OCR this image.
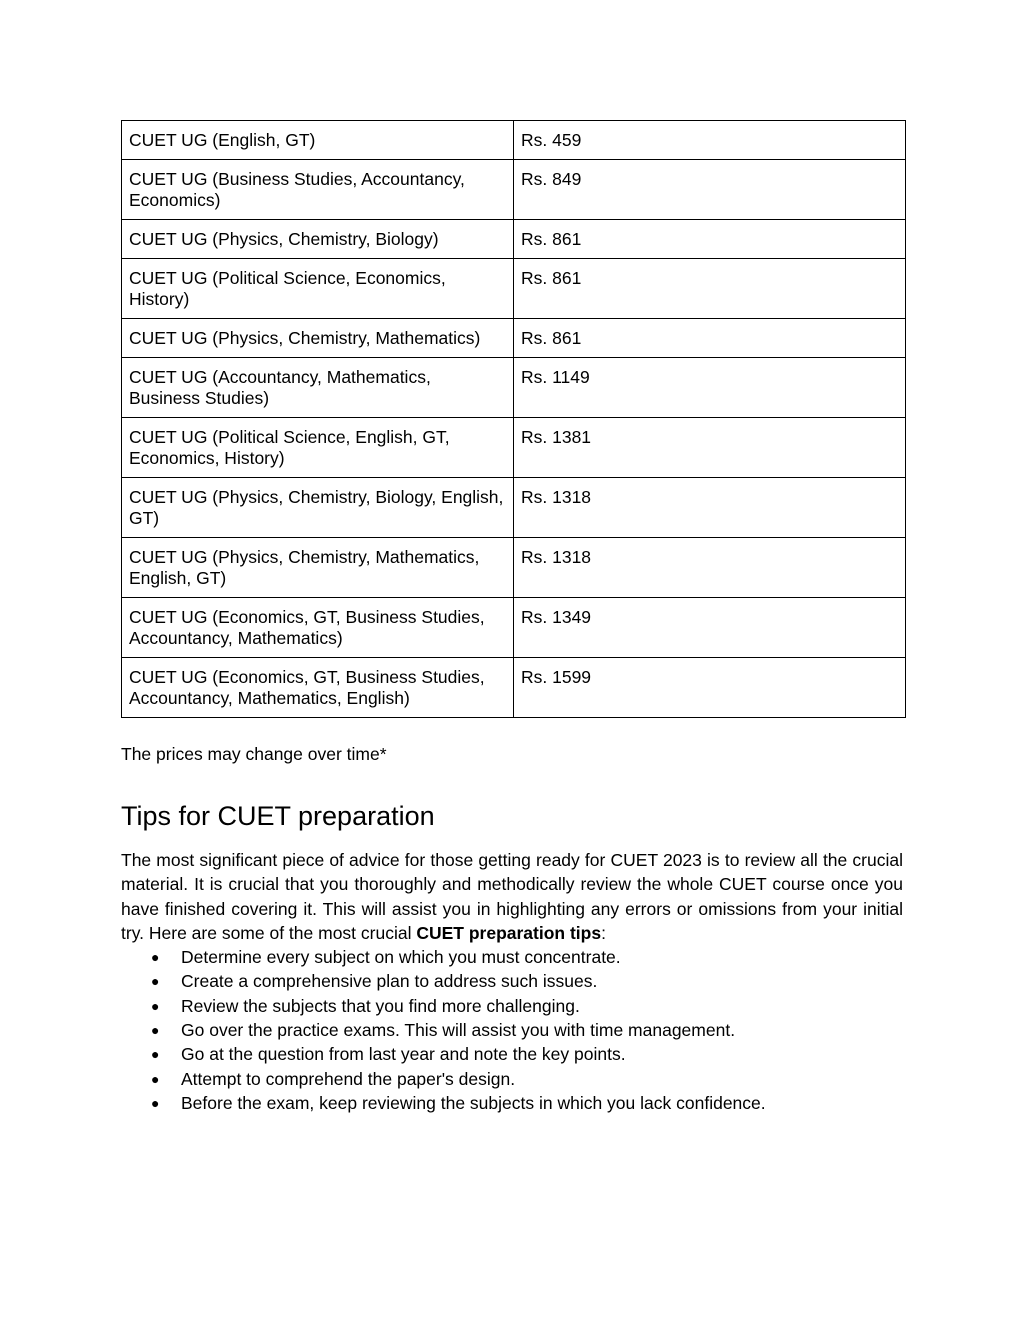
CUET UG (English, GT)	Rs. 459
CUET UG (Business Studies, Accountancy, Economics)	Rs. 849
CUET UG (Physics, Chemistry, Biology)	Rs. 861
CUET UG (Political Science, Economics, History)	Rs. 861
CUET UG (Physics, Chemistry, Mathematics)	Rs. 861
CUET UG (Accountancy, Mathematics, Business Studies)	Rs. 1149
CUET UG (Political Science, English, GT, Economics, History)	Rs. 1381
CUET UG (Physics, Chemistry, Biology, English, GT)	Rs. 1318
CUET UG (Physics, Chemistry, Mathematics, English, GT)	Rs. 1318
CUET UG (Economics, GT, Business Studies, Accountancy, Mathematics)	Rs. 1349
CUET UG (Economics, GT, Business Studies, Accountancy, Mathematics, English)	Rs. 1599
The prices may change over time*
Tips for CUET preparation

The most significant piece of advice for those getting ready for CUET 2023 is to review all the crucial material. It is crucial that you thoroughly and methodically review the whole CUET course once you have finished covering it. This will assist you in highlighting any errors or omissions from your initial try. Here are some of the most crucial CUET preparation tips:

● Determine every subject on which you must concentrate.
● Create a comprehensive plan to address such issues.
● Review the subjects that you find more challenging.
● Go over the practice exams. This will assist you with time management.
● Go at the question from last year and note the key points.
● Attempt to comprehend the paper's design.
● Before the exam, keep reviewing the subjects in which you lack confidence.
